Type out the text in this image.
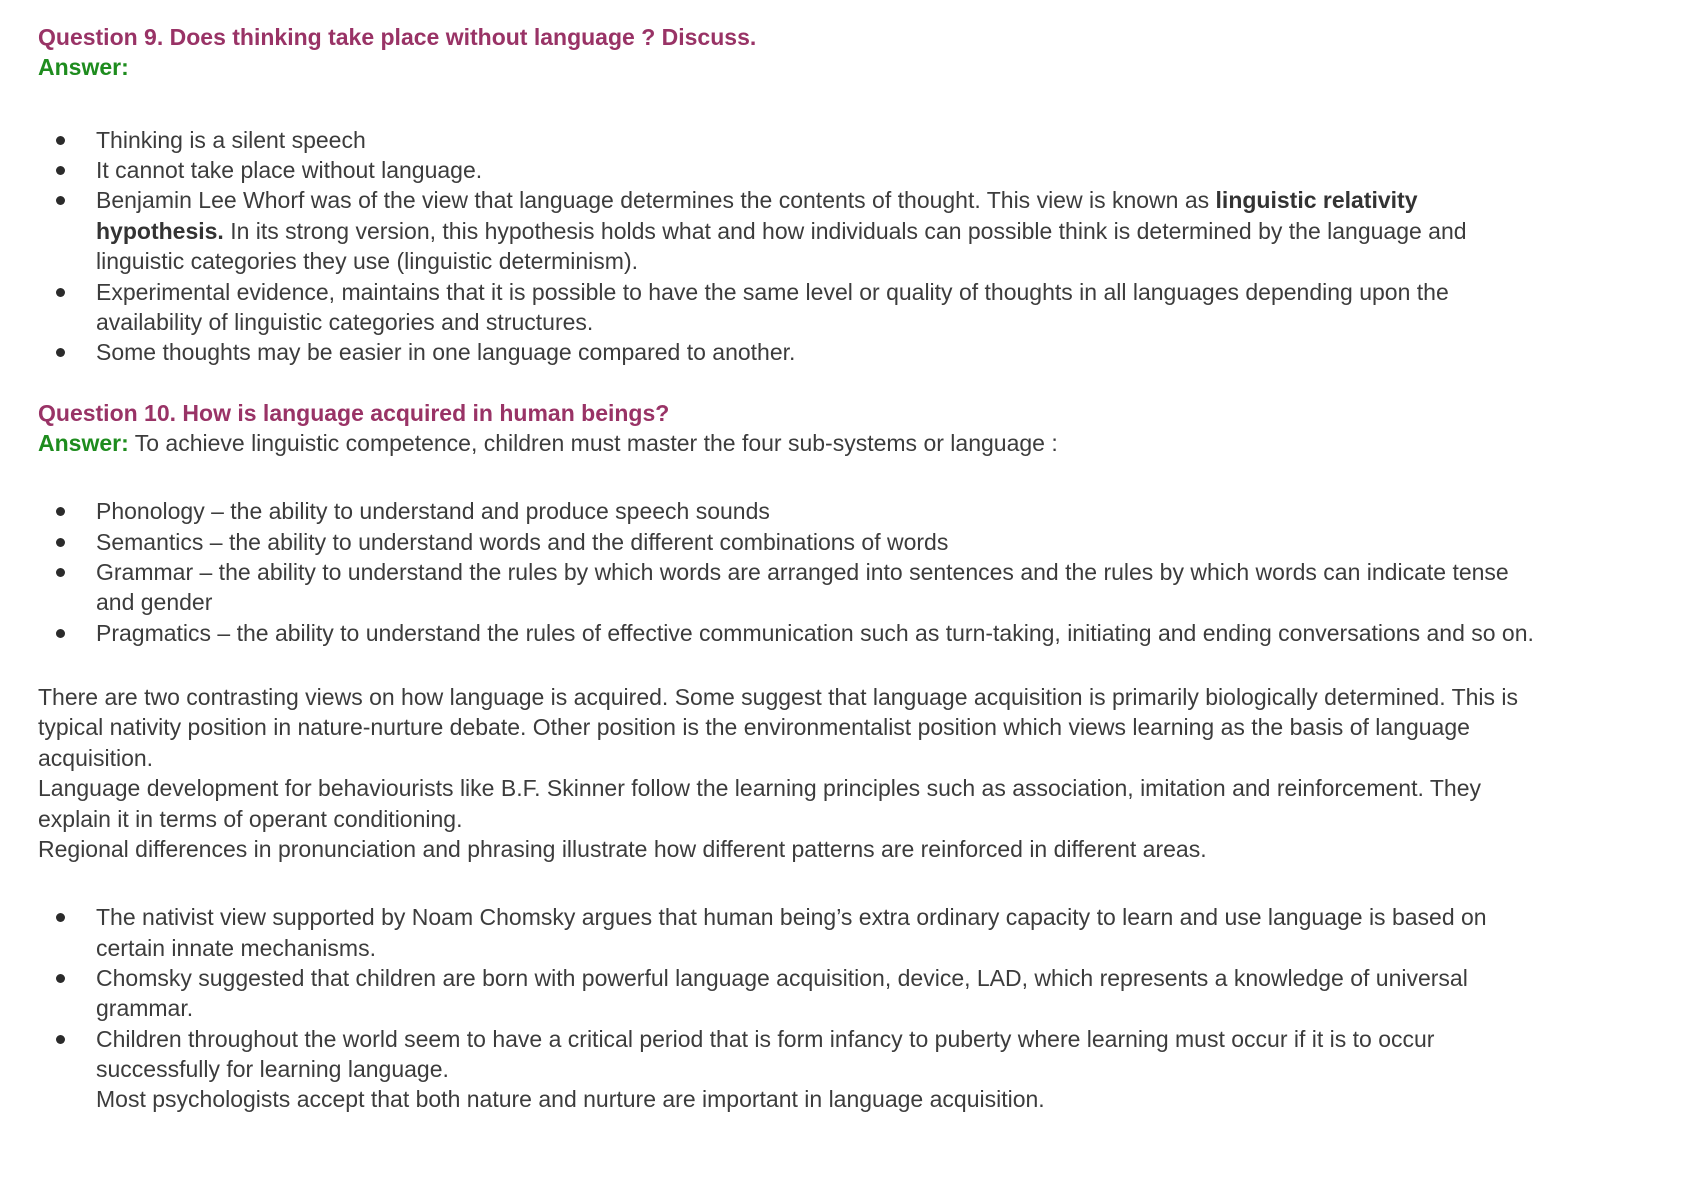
Question 9. Does thinking take place without language ? Discuss.

Answer:

Thinking is a silent speech
It cannot take place without language.
Benjamin Lee Whorf was of the view that language determines the contents of thought. This view is known as linguistic relativity hypothesis. In its strong version, this hypothesis holds what and how individuals can possible think is determined by the language and linguistic categories they use (linguistic determinism).
Experimental evidence, maintains that it is possible to have the same level or quality of thoughts in all languages depending upon the availability of linguistic categories and structures.
Some thoughts may be easier in one language compared to another.
Question 10. How is language acquired in human beings?

Answer: To achieve linguistic competence, children must master the four sub-systems or language :

Phonology – the ability to understand and produce speech sounds
Semantics – the ability to understand words and the different combinations of words
Grammar – the ability to understand the rules by which words are arranged into sentences and the rules by which words can indicate tense and gender
Pragmatics – the ability to understand the rules of effective communication such as turn-taking, initiating and ending conversations and so on.

There are two contrasting views on how language is acquired. Some suggest that language acquisition is primarily biologically determined. This is typical nativity position in nature-nurture debate. Other position is the environmentalist position which views learning as the basis of language acquisition.

Language development for behaviourists like B.F. Skinner follow the learning principles such as association, imitation and reinforcement. They explain it in terms of operant conditioning.

Regional differences in pronunciation and phrasing illustrate how different patterns are reinforced in different areas.

The nativist view supported by Noam Chomsky argues that human being’s extra ordinary capacity to learn and use language is based on certain innate mechanisms.
Chomsky suggested that children are born with powerful language acquisition, device, LAD, which represents a knowledge of universal grammar.
Children throughout the world seem to have a critical period that is form infancy to puberty where learning must occur if it is to occur successfully for learning language.
Most psychologists accept that both nature and nurture are important in language acquisition.
